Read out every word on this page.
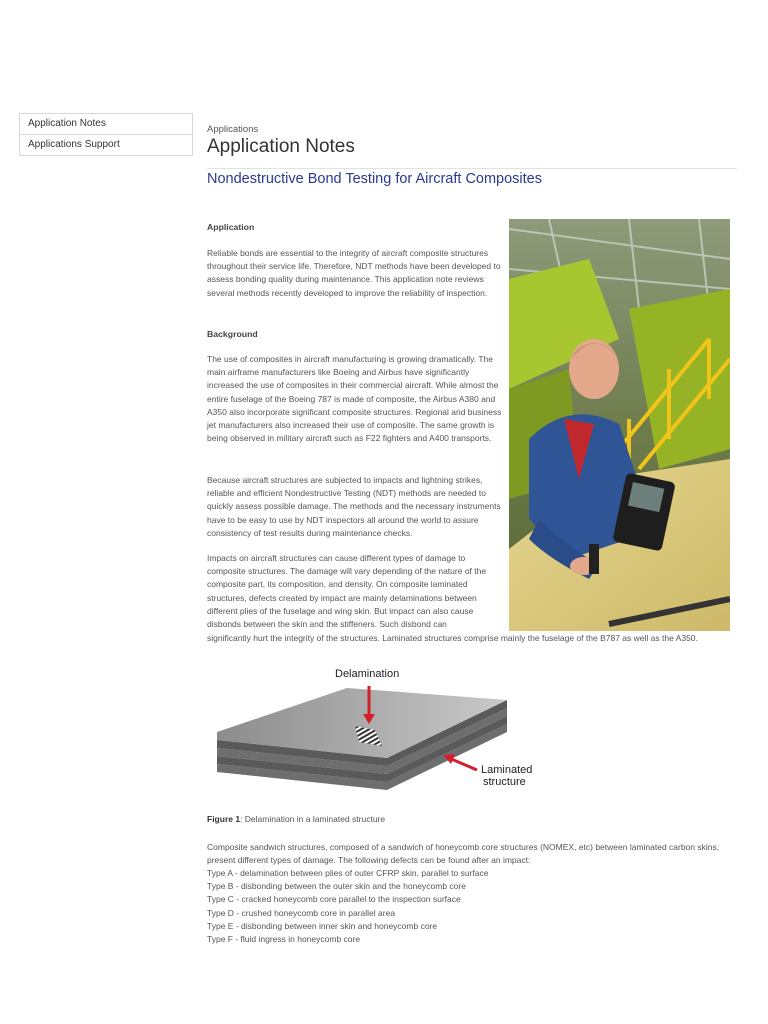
Application Notes
Applications Support
Applications
Application Notes
Nondestructive Bond Testing for Aircraft Composites

Application

Reliable bonds are essential to the integrity of aircraft composite structures throughout their service life. Therefore, NDT methods have been developed to assess bonding quality during maintenance. This application note reviews several methods recently developed to improve the reliability of inspection.

Background

The use of composites in aircraft manufacturing is growing dramatically. The main airframe manufacturers like Boeing and Airbus have significantly increased the use of composites in their commercial aircraft. While almost the entire fuselage of the Boeing 787 is made of composite, the Airbus A380 and A350 also incorporate significant composite structures. Regional and business jet manufacturers also increased their use of composite. The same growth is being observed in military aircraft such as F22 fighters and A400 transports.

Because aircraft structures are subjected to impacts and lightning strikes, reliable and efficient Nondestructive Testing (NDT) methods are needed to quickly assess possible damage. The methods and the necessary instruments have to be easy to use by NDT inspectors all around the world to assure consistency of test results during maintenance checks.

Impacts on aircraft structures can cause different types of damage to composite structures. The damage will vary depending of the nature of the composite part, its composition, and density. On composite laminated structures, defects created by impact are mainly delaminations between different plies of the fuselage and wing skin. But impact can also cause disbonds between the skin and the stiffeners. Such disbond can

significantly hurt the integrity of the structures. Laminated structures comprise mainly the fuselage of the B787 as well as the A350.

Delamination
Laminated
structure
Figure 1: Delamination in a laminated structure

Composite sandwich structures, composed of a sandwich of honeycomb core structures (NOMEX, etc) between laminated carbon skins, present different types of damage. The following defects can be found after an impact:

Type A - delamination between plies of outer CFRP skin, parallel to surface
Type B - disbonding between the outer skin and the honeycomb core
Type C - cracked honeycomb core parallel to the inspection surface
Type D - crushed honeycomb core in parallel area
Type E - disbonding between inner skin and honeycomb core
Type F - fluid ingress in honeycomb core
